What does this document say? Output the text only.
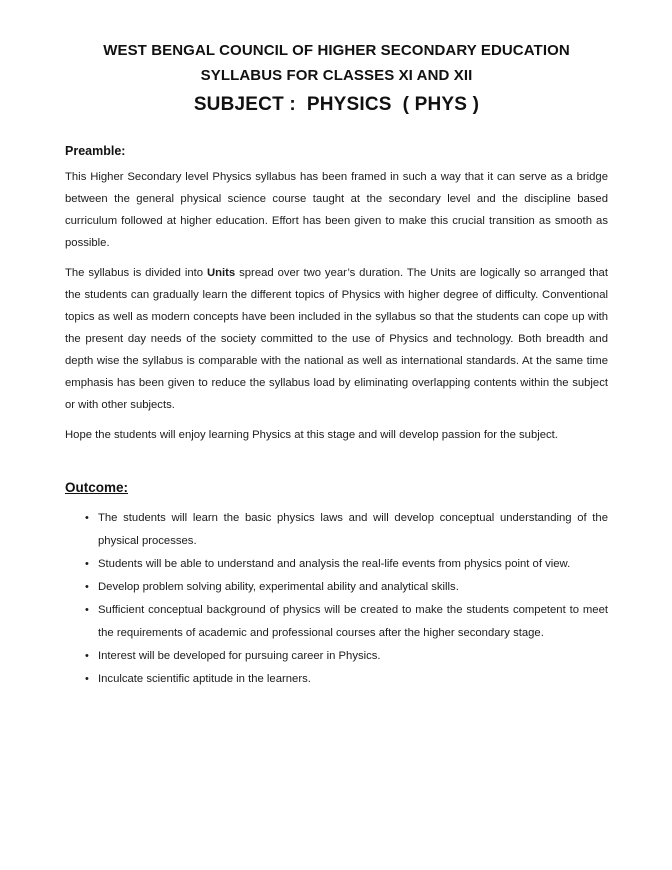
WEST BENGAL COUNCIL OF HIGHER SECONDARY EDUCATION
SYLLABUS FOR CLASSES XI AND XII
SUBJECT :  PHYSICS  ( PHYS )
Preamble:

This Higher Secondary level Physics syllabus has been framed in such a way that it can serve as a bridge between the general physical science course taught at the secondary level and the discipline based curriculum followed at higher education. Effort has been given to make this crucial transition as smooth as possible.

The syllabus is divided into Units spread over two year’s duration. The Units are logically so arranged that the students can gradually learn the different topics of Physics with higher degree of difficulty. Conventional topics as well as modern concepts have been included in the syllabus so that the students can cope up with the present day needs of the society committed to the use of Physics and technology. Both breadth and depth wise the syllabus is comparable with the national as well as international standards. At the same time emphasis has been given to reduce the syllabus load by eliminating overlapping contents within the subject or with other subjects.

Hope the students will enjoy learning Physics at this stage and will develop passion for the subject.

Outcome:
• The students will learn the basic physics laws and will develop conceptual understanding of the physical processes.
• Students will be able to understand and analysis the real-life events from physics point of view.
• Develop problem solving ability, experimental ability and analytical skills.
• Sufficient conceptual background of physics will be created to make the students competent to meet the requirements of academic and professional courses after the higher secondary stage.
• Interest will be developed for pursuing career in Physics.
• Inculcate scientific aptitude in the learners.
